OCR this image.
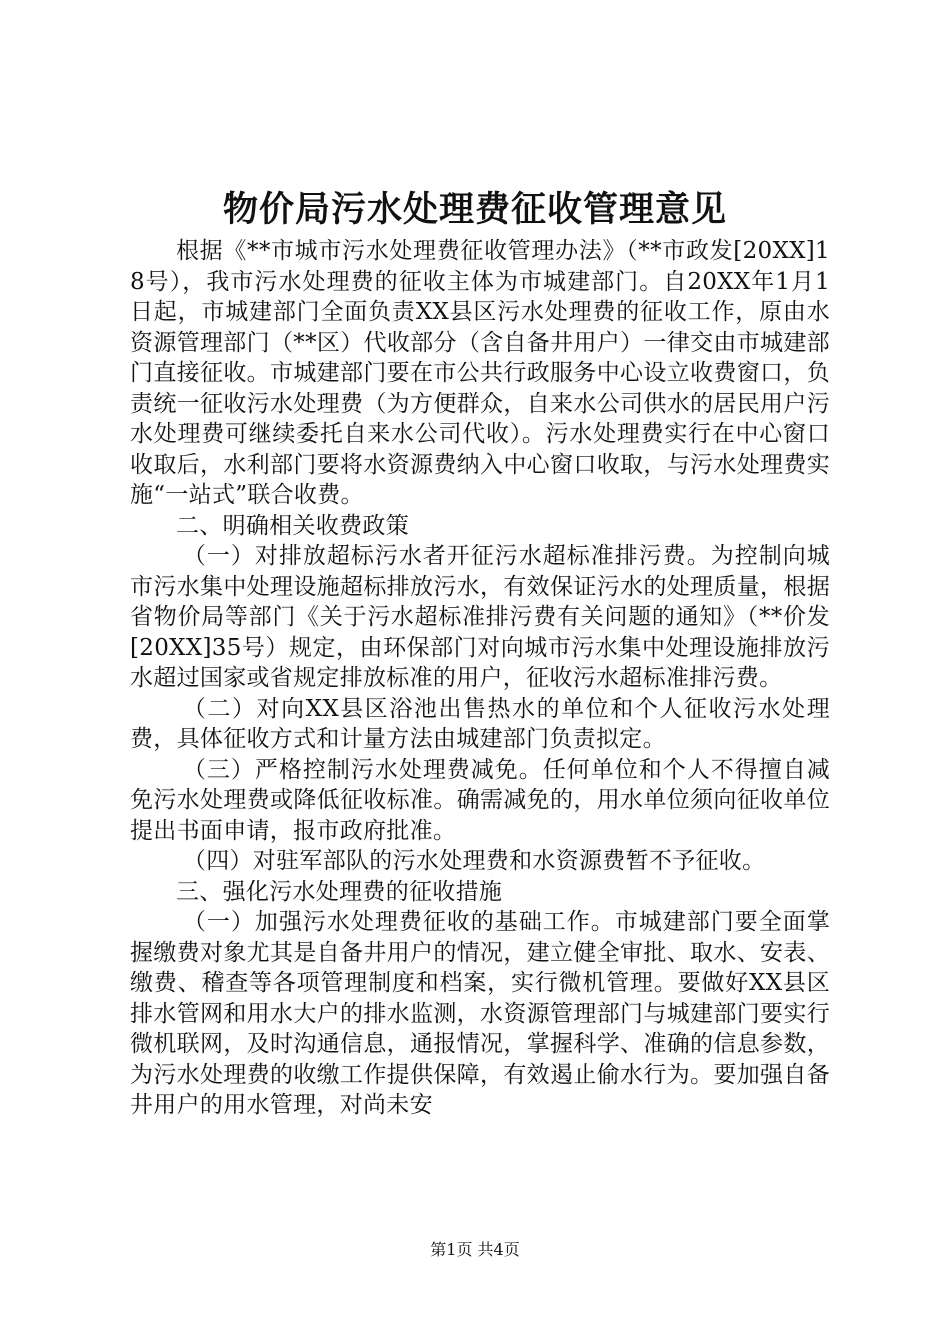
物价局污水处理费征收管理意见

根据《**市城市污水处理费征收管理办法》（**市政发[20XX]18号），我市污水处理费的征收主体为市城建部门。自20XX年1月1日起，市城建部门全面负责XX县区污水处理费的征收工作，原由水资源管理部门（**区）代收部分（含自备井用户）一律交由市城建部门直接征收。市城建部门要在市公共行政服务中心设立收费窗口，负责统一征收污水处理费（为方便群众，自来水公司供水的居民用户污水处理费可继续委托自来水公司代收）。污水处理费实行在中心窗口收取后，水利部门要将水资源费纳入中心窗口收取，与污水处理费实施“一站式”联合收费。

二、明确相关收费政策

（一）对排放超标污水者开征污水超标准排污费。为控制向城市污水集中处理设施超标排放污水，有效保证污水的处理质量，根据省物价局等部门《关于污水超标准排污费有关问题的通知》（**价发[20XX]35号）规定，由环保部门对向城市污水集中处理设施排放污水超过国家或省规定排放标准的用户，征收污水超标准排污费。

（二）对向XX县区浴池出售热水的单位和个人征收污水处理费，具体征收方式和计量方法由城建部门负责拟定。

（三）严格控制污水处理费减免。任何单位和个人不得擅自减免污水处理费或降低征收标准。确需减免的，用水单位须向征收单位提出书面申请，报市政府批准。

（四）对驻军部队的污水处理费和水资源费暂不予征收。

三、强化污水处理费的征收措施

（一）加强污水处理费征收的基础工作。市城建部门要全面掌握缴费对象尤其是自备井用户的情况，建立健全审批、取水、安表、缴费、稽查等各项管理制度和档案，实行微机管理。要做好XX县区排水管网和用水大户的排水监测，水资源管理部门与城建部门要实行微机联网，及时沟通信息，通报情况，掌握科学、准确的信息参数，为污水处理费的收缴工作提供保障，有效遏止偷水行为。要加强自备井用户的用水管理，对尚未安

第1页 共4页
